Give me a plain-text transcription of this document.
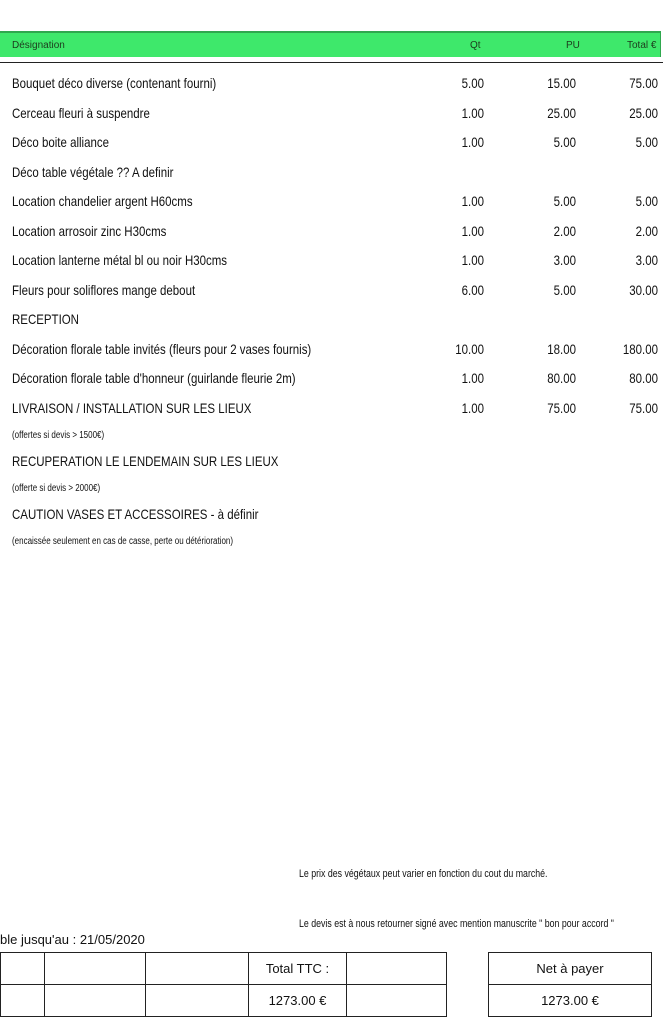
Désignation	Qt	PU	Total €
Bouquet déco diverse (contenant fourni)	5.00	15.00	75.00
Cerceau fleuri à suspendre	1.00	25.00	25.00
Déco boite alliance	1.00	5.00	5.00
Déco table végétale ?? A definir
Location chandelier argent H60cms	1.00	5.00	5.00
Location arrosoir zinc H30cms	1.00	2.00	2.00
Location lanterne métal bl ou noir H30cms	1.00	3.00	3.00
Fleurs pour soliflores mange debout	6.00	5.00	30.00
RECEPTION
Décoration florale table invités (fleurs pour 2 vases fournis)	10.00	18.00	180.00
Décoration florale table d'honneur (guirlande fleurie 2m)	1.00	80.00	80.00
LIVRAISON / INSTALLATION SUR LES LIEUX	1.00	75.00	75.00
(offertes si devis > 1500€)
RECUPERATION LE LENDEMAIN SUR LES LIEUX
(offerte si devis > 2000€)
CAUTION VASES ET ACCESSOIRES - à définir
(encaissée seulement en cas de casse, perte ou détérioration)
Le prix des végétaux peut varier en fonction du cout du marché.
Le devis est à nous retourner signé avec mention manuscrite " bon pour accord "
ble jusqu'au : 21/05/2020
			Total TTC :	
			1273.00 €	
Net à payer
1273.00 €
